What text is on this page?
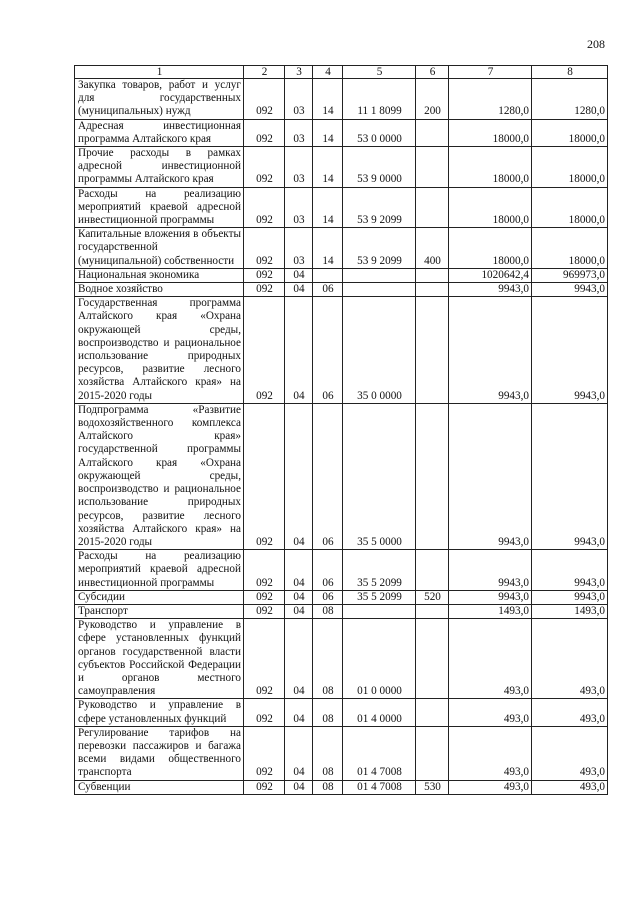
208
1	2	3	4	5	6	7	8
Закупка товаров, работ и услуг для государственных (муниципальных) нужд	092	03	14	11 1 8099	200	1280,0	1280,0
Адресная инвестиционная программа Алтайского края	092	03	14	53 0 0000		18000,0	18000,0
Прочие расходы в рамках адресной инвестиционной программы Алтайского края	092	03	14	53 9 0000		18000,0	18000,0
Расходы на реализацию мероприятий краевой адресной инвестиционной программы	092	03	14	53 9 2099		18000,0	18000,0
Капитальные вложения в объекты государственной (муниципальной) собственности	092	03	14	53 9 2099	400	18000,0	18000,0
Национальная экономика	092	04				1020642,4	969973,0
Водное хозяйство	092	04	06			9943,0	9943,0
Государственная программа Алтайского края «Охрана окружающей среды, воспроизводство и рациональное использование природных ресурсов, развитие лесного хозяйства Алтайского края» на 2015-2020 годы	092	04	06	35 0 0000		9943,0	9943,0
Подпрограмма «Развитие водохозяйственного комплекса Алтайского края» государственной программы Алтайского края «Охрана окружающей среды, воспроизводство и рациональное использование природных ресурсов, развитие лесного хозяйства Алтайского края» на 2015-2020 годы	092	04	06	35 5 0000		9943,0	9943,0
Расходы на реализацию мероприятий краевой адресной инвестиционной программы	092	04	06	35 5 2099		9943,0	9943,0
Субсидии	092	04	06	35 5 2099	520	9943,0	9943,0
Транспорт	092	04	08			1493,0	1493,0
Руководство и управление в сфере установленных функций органов государственной власти субъектов Российской Федерации и органов местного самоуправления	092	04	08	01 0 0000		493,0	493,0
Руководство и управление в сфере установленных функций	092	04	08	01 4 0000		493,0	493,0
Регулирование тарифов на перевозки пассажиров и багажа всеми видами общественного транспорта	092	04	08	01 4 7008		493,0	493,0
Субвенции	092	04	08	01 4 7008	530	493,0	493,0
